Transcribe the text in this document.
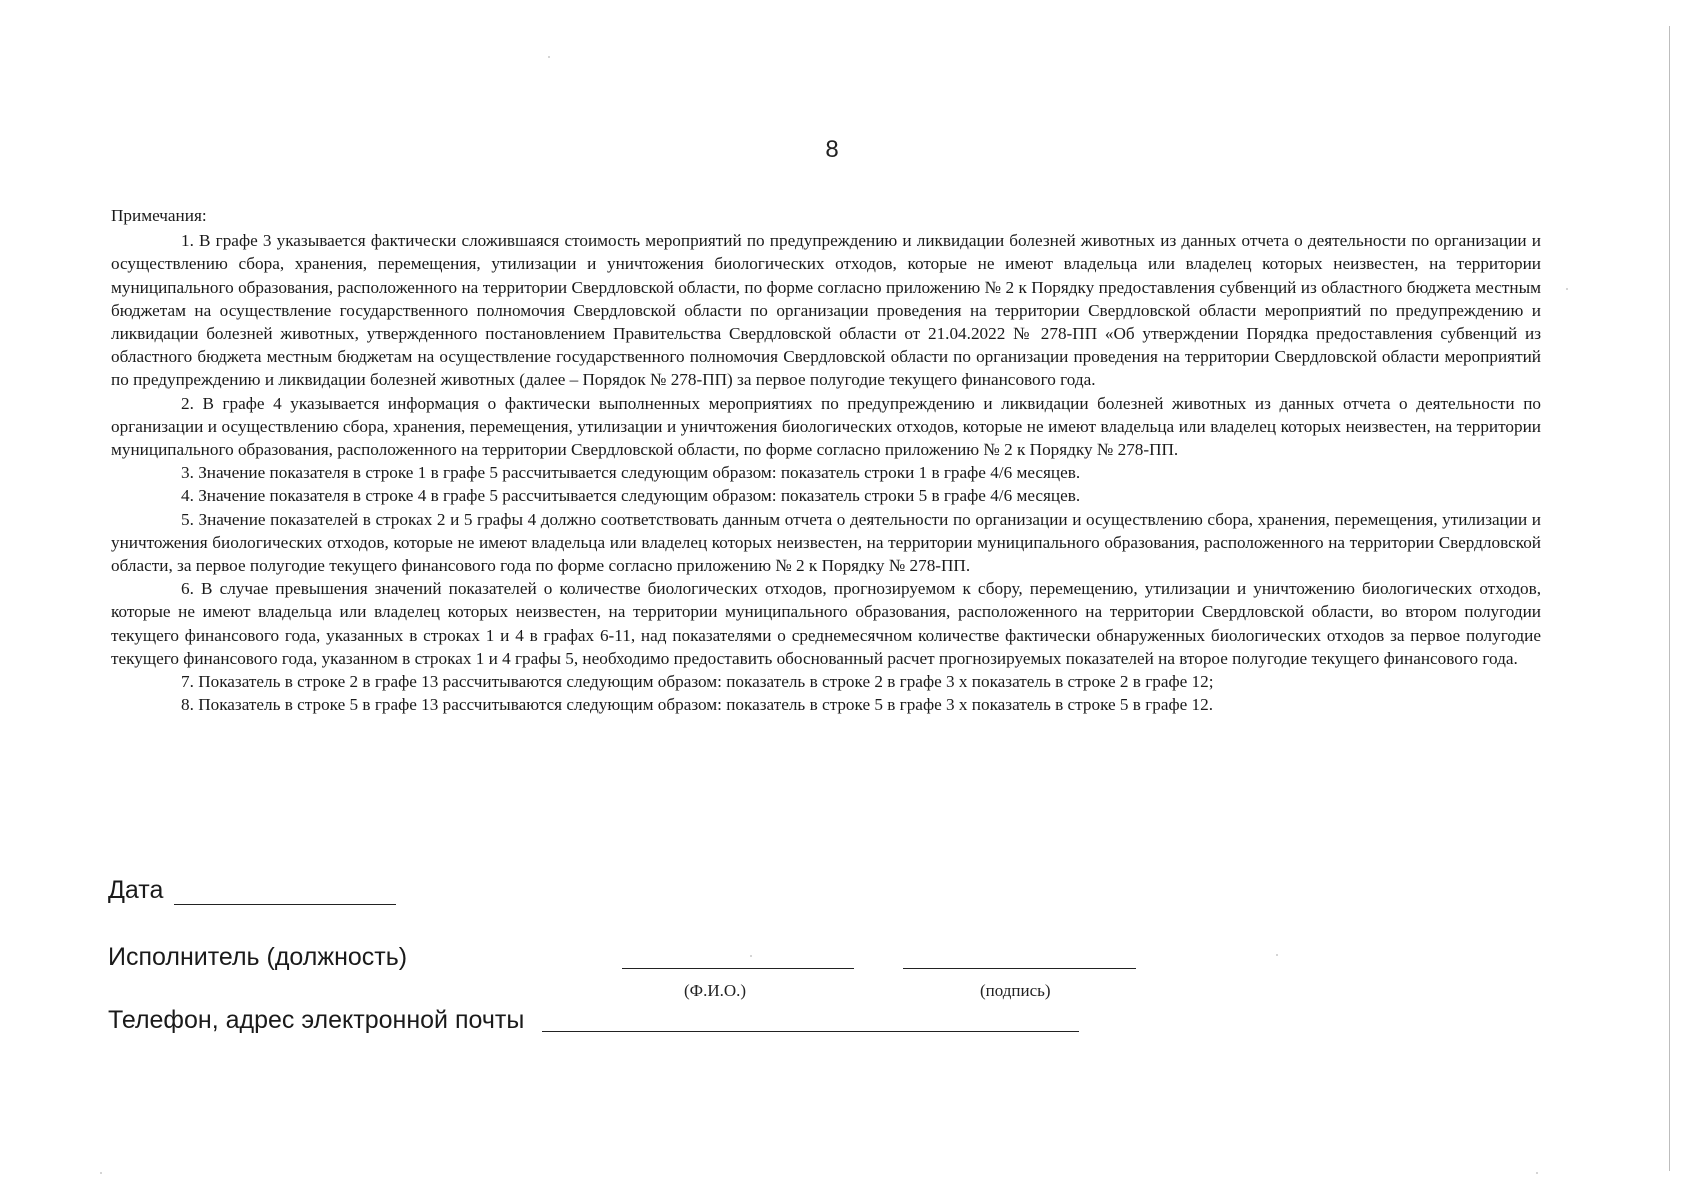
8

Примечания:

1. В графе 3 указывается фактически сложившаяся стоимость мероприятий по предупреждению и ликвидации болезней животных из данных отчета о деятельности по организации и осуществлению сбора, хранения, перемещения, утилизации и уничтожения биологических отходов, которые не имеют владельца или владелец которых неизвестен, на территории муниципального образования, расположенного на территории Свердловской области, по форме согласно приложению № 2 к Порядку предоставления субвенций из областного бюджета местным бюджетам на осуществление государственного полномочия Свердловской области по организации проведения на территории Свердловской области мероприятий по предупреждению и ликвидации болезней животных, утвержденного постановлением Правительства Свердловской области от 21.04.2022 № 278-ПП «Об утверждении Порядка предоставления субвенций из областного бюджета местным бюджетам на осуществление государственного полномочия Свердловской области по организации проведения на территории Свердловской области мероприятий по предупреждению и ликвидации болезней животных (далее – Порядок № 278-ПП) за первое полугодие текущего финансового года.

2. В графе 4 указывается информация о фактически выполненных мероприятиях по предупреждению и ликвидации болезней животных из данных отчета о деятельности по организации и осуществлению сбора, хранения, перемещения, утилизации и уничтожения биологических отходов, которые не имеют владельца или владелец которых неизвестен, на территории муниципального образования, расположенного на территории Свердловской области, по форме согласно приложению № 2 к Порядку № 278-ПП.

3. Значение показателя в строке 1 в графе 5 рассчитывается следующим образом: показатель строки 1 в графе 4/6 месяцев.

4. Значение показателя в строке 4 в графе 5 рассчитывается следующим образом: показатель строки 5 в графе 4/6 месяцев.

5. Значение показателей в строках 2 и 5 графы 4 должно соответствовать данным отчета о деятельности по организации и осуществлению сбора, хранения, перемещения, утилизации и уничтожения биологических отходов, которые не имеют владельца или владелец которых неизвестен, на территории муниципального образования, расположенного на территории Свердловской области, за первое полугодие текущего финансового года по форме согласно приложению № 2 к Порядку № 278-ПП.

6. В случае превышения значений показателей о количестве биологических отходов, прогнозируемом к сбору, перемещению, утилизации и уничтожению биологических отходов, которые не имеют владельца или владелец которых неизвестен, на территории муниципального образования, расположенного на территории Свердловской области, во втором полугодии текущего финансового года, указанных в строках 1 и 4 в графах 6-11, над показателями о среднемесячном количестве фактически обнаруженных биологических отходов за первое полугодие текущего финансового года, указанном в строках 1 и 4 графы 5, необходимо предоставить обоснованный расчет прогнозируемых показателей на второе полугодие текущего финансового года.

7. Показатель в строке 2 в графе 13 рассчитываются следующим образом: показатель в строке 2 в графе 3 х показатель в строке 2 в графе 12;

8. Показатель в строке 5 в графе 13 рассчитываются следующим образом: показатель в строке 5 в графе 3 х показатель в строке 5 в графе 12.

Дата
Исполнитель (должность)
(Ф.И.О.)	(подпись)
Телефон, адрес электронной почты
